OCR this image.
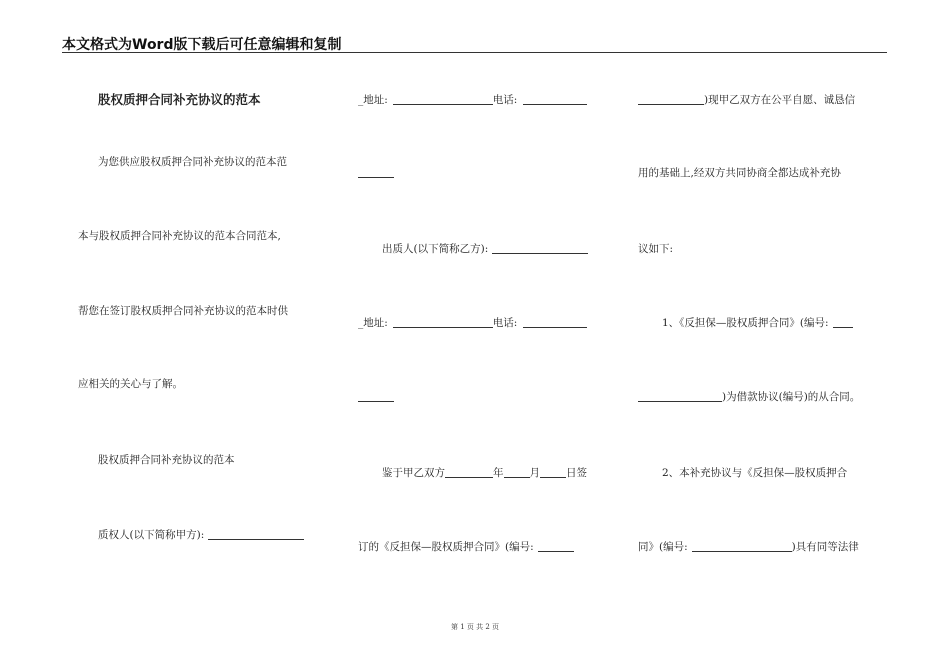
本文格式为Word版下载后可任意编辑和复制
股权质押合同补充协议的范本
为您供应股权质押合同补充协议的范本范
本与股权质押合同补充协议的范本合同范本,
帮您在签订股权质押合同补充协议的范本时供
应相关的关心与了解。
股权质押合同补充协议的范本
质权人(以下简称甲方):
_地址:	电话:
出质人(以下简称乙方):
_地址:	电话:
鉴于甲乙双方	年 月 日签
订的《反担保—股权质押合同》(编号:
)现甲乙双方在公平自愿、诚恳信
用的基础上,经双方共同协商全都达成补充协
议如下:
1、《反担保—股权质押合同》(编号:
)为借款协议(编号)的从合同。
2、本补充协议与《反担保—股权质押合
同》(编号:	)具有同等法律
第 1 页 共 2 页
